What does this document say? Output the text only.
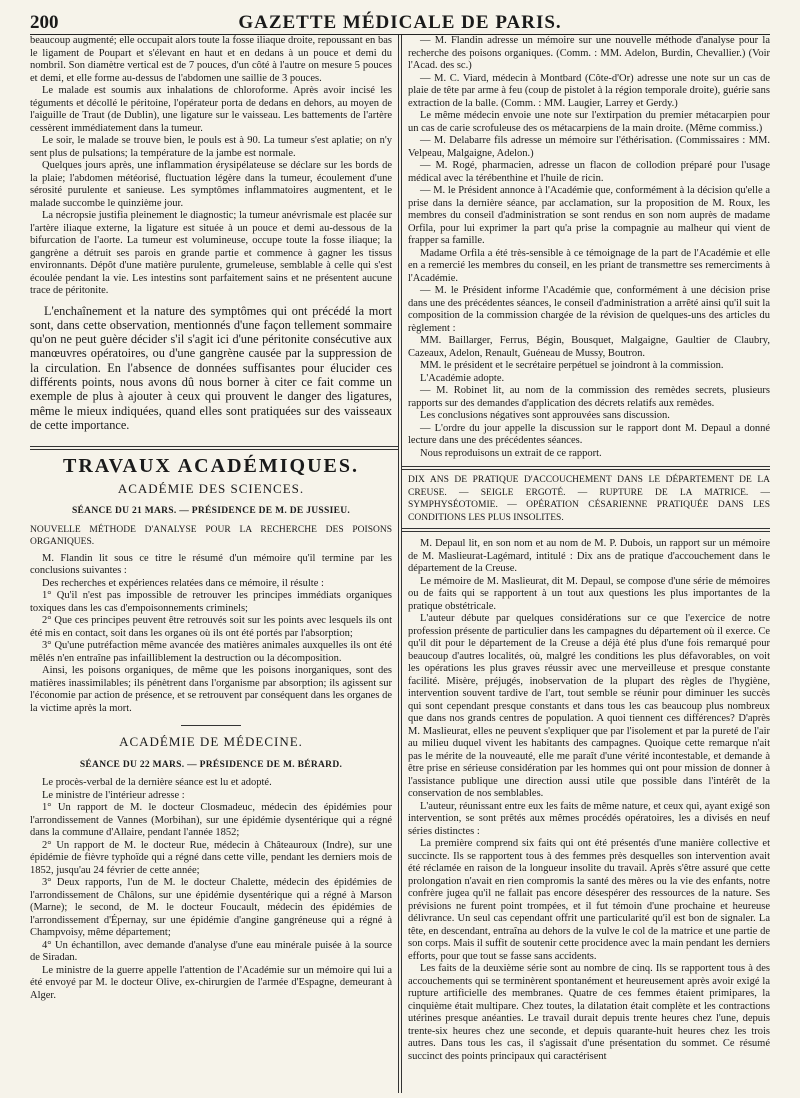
200	GAZETTE MÉDICALE DE PARIS.

beaucoup augmenté; elle occupait alors toute la fosse iliaque droite, repoussant en bas le ligament de Poupart et s'élevant en haut et en dedans à un pouce et demi du nombril. Son diamètre vertical est de 7 pouces, d'un côté à l'autre on mesure 5 pouces et demi, et elle forme au-dessus de l'abdomen une saillie de 3 pouces.

Le malade est soumis aux inhalations de chloroforme. Après avoir incisé les téguments et décollé le péritoine, l'opérateur porta de dedans en dehors, au moyen de l'aiguille de Traut (de Dublin), une ligature sur le vaisseau. Les battements de l'artère cessèrent immédiatement dans la tumeur.

Le soir, le malade se trouve bien, le pouls est à 90. La tumeur s'est aplatie; on n'y sent plus de pulsations; la température de la jambe est normale.

Quelques jours après, une inflammation érysipélateuse se déclare sur les bords de la plaie; l'abdomen météorisé, fluctuation légère dans la tumeur, écoulement d'une sérosité purulente et sanieuse. Les symptômes inflammatoires augmentent, et le malade succombe le quinzième jour.

La nécropsie justifia pleinement le diagnostic; la tumeur anévrismale est placée sur l'artère iliaque externe, la ligature est située à un pouce et demi au-dessous de la bifurcation de l'aorte. La tumeur est volumineuse, occupe toute la fosse iliaque; la gangrène a détruit ses parois en grande partie et commence à gagner les tissus environnants. Dépôt d'une matière purulente, grumeleuse, semblable à celle qui s'est écoulée pendant la vie. Les intestins sont parfaitement sains et ne présentent aucune trace de péritonite.

L'enchaînement et la nature des symptômes qui ont précédé la mort sont, dans cette observation, mentionnés d'une façon tellement sommaire qu'on ne peut guère décider s'il s'agit ici d'une péritonite consécutive aux manœuvres opératoires, ou d'une gangrène causée par la suppression de la circulation. En l'absence de données suffisantes pour élucider ces différents points, nous avons dû nous borner à citer ce fait comme un exemple de plus à ajouter à ceux qui prouvent le danger des ligatures, même le mieux indiquées, quand elles sont pratiquées sur des vaisseaux de cette importance.

TRAVAUX ACADÉMIQUES.
ACADÉMIE DES SCIENCES.
SÉANCE DU 21 MARS. — PRÉSIDENCE DE M. DE JUSSIEU.

NOUVELLE MÉTHODE D'ANALYSE POUR LA RECHERCHE DES POISONS ORGANIQUES.

M. Flandin lit sous ce titre le résumé d'un mémoire qu'il termine par les conclusions suivantes :

Des recherches et expériences relatées dans ce mémoire, il résulte :

1° Qu'il n'est pas impossible de retrouver les principes immédiats organiques toxiques dans les cas d'empoisonnements criminels;

2° Que ces principes peuvent être retrouvés soit sur les points avec lesquels ils ont été mis en contact, soit dans les organes où ils ont été portés par l'absorption;

3° Qu'une putréfaction même avancée des matières animales auxquelles ils ont été mêlés n'en entraîne pas infailliblement la destruction ou la décomposition.

Ainsi, les poisons organiques, de même que les poisons inorganiques, sont des matières inassimilables; ils pénètrent dans l'organisme par absorption; ils agissent sur l'économie par action de présence, et se retrouvent par conséquent dans les organes de la victime après la mort.

ACADÉMIE DE MÉDECINE.
SÉANCE DU 22 MARS. — PRÉSIDENCE DE M. BÉRARD.

Le procès-verbal de la dernière séance est lu et adopté.

Le ministre de l'intérieur adresse :

1° Un rapport de M. le docteur Closmadeuc, médecin des épidémies pour l'arrondissement de Vannes (Morbihan), sur une épidémie dysentérique qui a régné dans la commune d'Allaire, pendant l'année 1852;

2° Un rapport de M. le docteur Rue, médecin à Châteauroux (Indre), sur une épidémie de fièvre typhoïde qui a régné dans cette ville, pendant les derniers mois de 1852, jusqu'au 24 février de cette année;

3° Deux rapports, l'un de M. le docteur Chalette, médecin des épidémies de l'arrondissement de Châlons, sur une épidémie dysentérique qui a régné à Marson (Marne); le second, de M. le docteur Foucault, médecin des épidémies de l'arrondissement d'Épernay, sur une épidémie d'angine gangréneuse qui a régné à Champvoisy, même département;

4° Un échantillon, avec demande d'analyse d'une eau minérale puisée à la source de Siradan.

Le ministre de la guerre appelle l'attention de l'Académie sur un mémoire qui lui a été envoyé par M. le docteur Olive, ex-chirurgien de l'armée d'Espagne, demeurant à Alger.

— M. Flandin adresse un mémoire sur une nouvelle méthode d'analyse pour la recherche des poisons organiques. (Comm. : MM. Adelon, Burdin, Chevallier.) (Voir l'Acad. des sc.)

— M. C. Viard, médecin à Montbard (Côte-d'Or) adresse une note sur un cas de plaie de tête par arme à feu (coup de pistolet à la région temporale droite), guérie sans extraction de la balle. (Comm. : MM. Laugier, Larrey et Gerdy.)

Le même médecin envoie une note sur l'extirpation du premier métacarpien pour un cas de carie scrofuleuse des os métacarpiens de la main droite. (Même commiss.)

— M. Delabarre fils adresse un mémoire sur l'éthérisation. (Commissaires : MM. Velpeau, Malgaigne, Adelon.)

— M. Rogé, pharmacien, adresse un flacon de collodion préparé pour l'usage médical avec la térébenthine et l'huile de ricin.

— M. le Président annonce à l'Académie que, conformément à la décision qu'elle a prise dans la dernière séance, par acclamation, sur la proposition de M. Roux, les membres du conseil d'administration se sont rendus en son nom auprès de madame Orfila, pour lui exprimer la part qu'a prise la compagnie au malheur qui vient de frapper sa famille.

Madame Orfila a été très-sensible à ce témoignage de la part de l'Académie et elle en a remercié les membres du conseil, en les priant de transmettre ses remerciments à l'Académie.

— M. le Président informe l'Académie que, conformément à une décision prise dans une des précédentes séances, le conseil d'administration a arrêté ainsi qu'il suit la composition de la commission chargée de la révision de quelques-uns des articles du règlement :

MM. Baillarger, Ferrus, Bégin, Bousquet, Malgaigne, Gaultier de Claubry, Cazeaux, Adelon, Renault, Guéneau de Mussy, Boutron.

MM. le président et le secrétaire perpétuel se joindront à la commission.

L'Académie adopte.

— M. Robinet lit, au nom de la commission des remèdes secrets, plusieurs rapports sur des demandes d'application des décrets relatifs aux remèdes.

Les conclusions négatives sont approuvées sans discussion.

— L'ordre du jour appelle la discussion sur le rapport dont M. Depaul a donné lecture dans une des précédentes séances.

Nous reproduisons un extrait de ce rapport.

DIX ANS DE PRATIQUE D'ACCOUCHEMENT DANS LE DÉPARTEMENT DE LA CREUSE. — SEIGLE ERGOTÉ. — RUPTURE DE LA MATRICE. — SYMPHYSÉOTOMIE. — OPÉRATION CÉSARIENNE PRATIQUÉE DANS LES CONDITIONS LES PLUS INSOLITES.

M. Depaul lit, en son nom et au nom de M. P. Dubois, un rapport sur un mémoire de M. Maslieurat-Lagémard, intitulé : Dix ans de pratique d'accouchement dans le département de la Creuse.

Le mémoire de M. Maslieurat, dit M. Depaul, se compose d'une série de mémoires ou de faits qui se rapportent à un tout aux questions les plus importantes de la pratique obstétricale.

L'auteur débute par quelques considérations sur ce que l'exercice de notre profession présente de particulier dans les campagnes du département où il exerce. Ce qu'il dit pour le département de la Creuse a déjà été plus d'une fois remarqué pour beaucoup d'autres localités, où, malgré les conditions les plus défavorables, on voit les opérations les plus graves réussir avec une merveilleuse et presque constante facilité. Misère, préjugés, inobservation de la plupart des règles de l'hygiène, intervention souvent tardive de l'art, tout semble se réunir pour diminuer les succès qui sont cependant presque constants et dans tous les cas beaucoup plus nombreux que dans nos grands centres de population. A quoi tiennent ces différences? D'après M. Maslieurat, elles ne peuvent s'expliquer que par l'isolement et par la pureté de l'air au milieu duquel vivent les habitants des campagnes. Quoique cette remarque n'ait pas le mérite de la nouveauté, elle me paraît d'une vérité incontestable, et demande à être prise en sérieuse considération par les hommes qui ont pour mission de donner à l'assistance publique une direction aussi utile que possible dans l'intérêt de la conservation de nos semblables.

L'auteur, réunissant entre eux les faits de même nature, et ceux qui, ayant exigé son intervention, se sont prêtés aux mêmes procédés opératoires, les a divisés en neuf séries distinctes :

La première comprend six faits qui ont été présentés d'une manière collective et succincte. Ils se rapportent tous à des femmes près desquelles son intervention avait été réclamée en raison de la longueur insolite du travail. Après s'être assuré que cette prolongation n'avait en rien compromis la santé des mères ou la vie des enfants, notre confrère jugea qu'il ne fallait pas encore désespérer des ressources de la nature. Ses prévisions ne furent point trompées, et il fut témoin d'une prochaine et heureuse délivrance. Un seul cas cependant offrit une particularité qu'il est bon de signaler. La tête, en descendant, entraîna au dehors de la vulve le col de la matrice et une partie de son corps. Mais il suffit de soutenir cette procidence avec la main pendant les derniers efforts, pour que tout se fasse sans accidents.

Les faits de la deuxième série sont au nombre de cinq. Ils se rapportent tous à des accouchements qui se terminèrent spontanément et heureusement après avoir exigé la rupture artificielle des membranes. Quatre de ces femmes étaient primipares, la cinquième était multipare. Chez toutes, la dilatation était complète et les contractions utérines presque anéanties. Le travail durait depuis trente heures chez l'une, depuis trente-six heures chez une seconde, et depuis quarante-huit heures chez les trois autres. Dans tous les cas, il s'agissait d'une présentation du sommet. Ce résumé succinct des points principaux qui caractérisent
